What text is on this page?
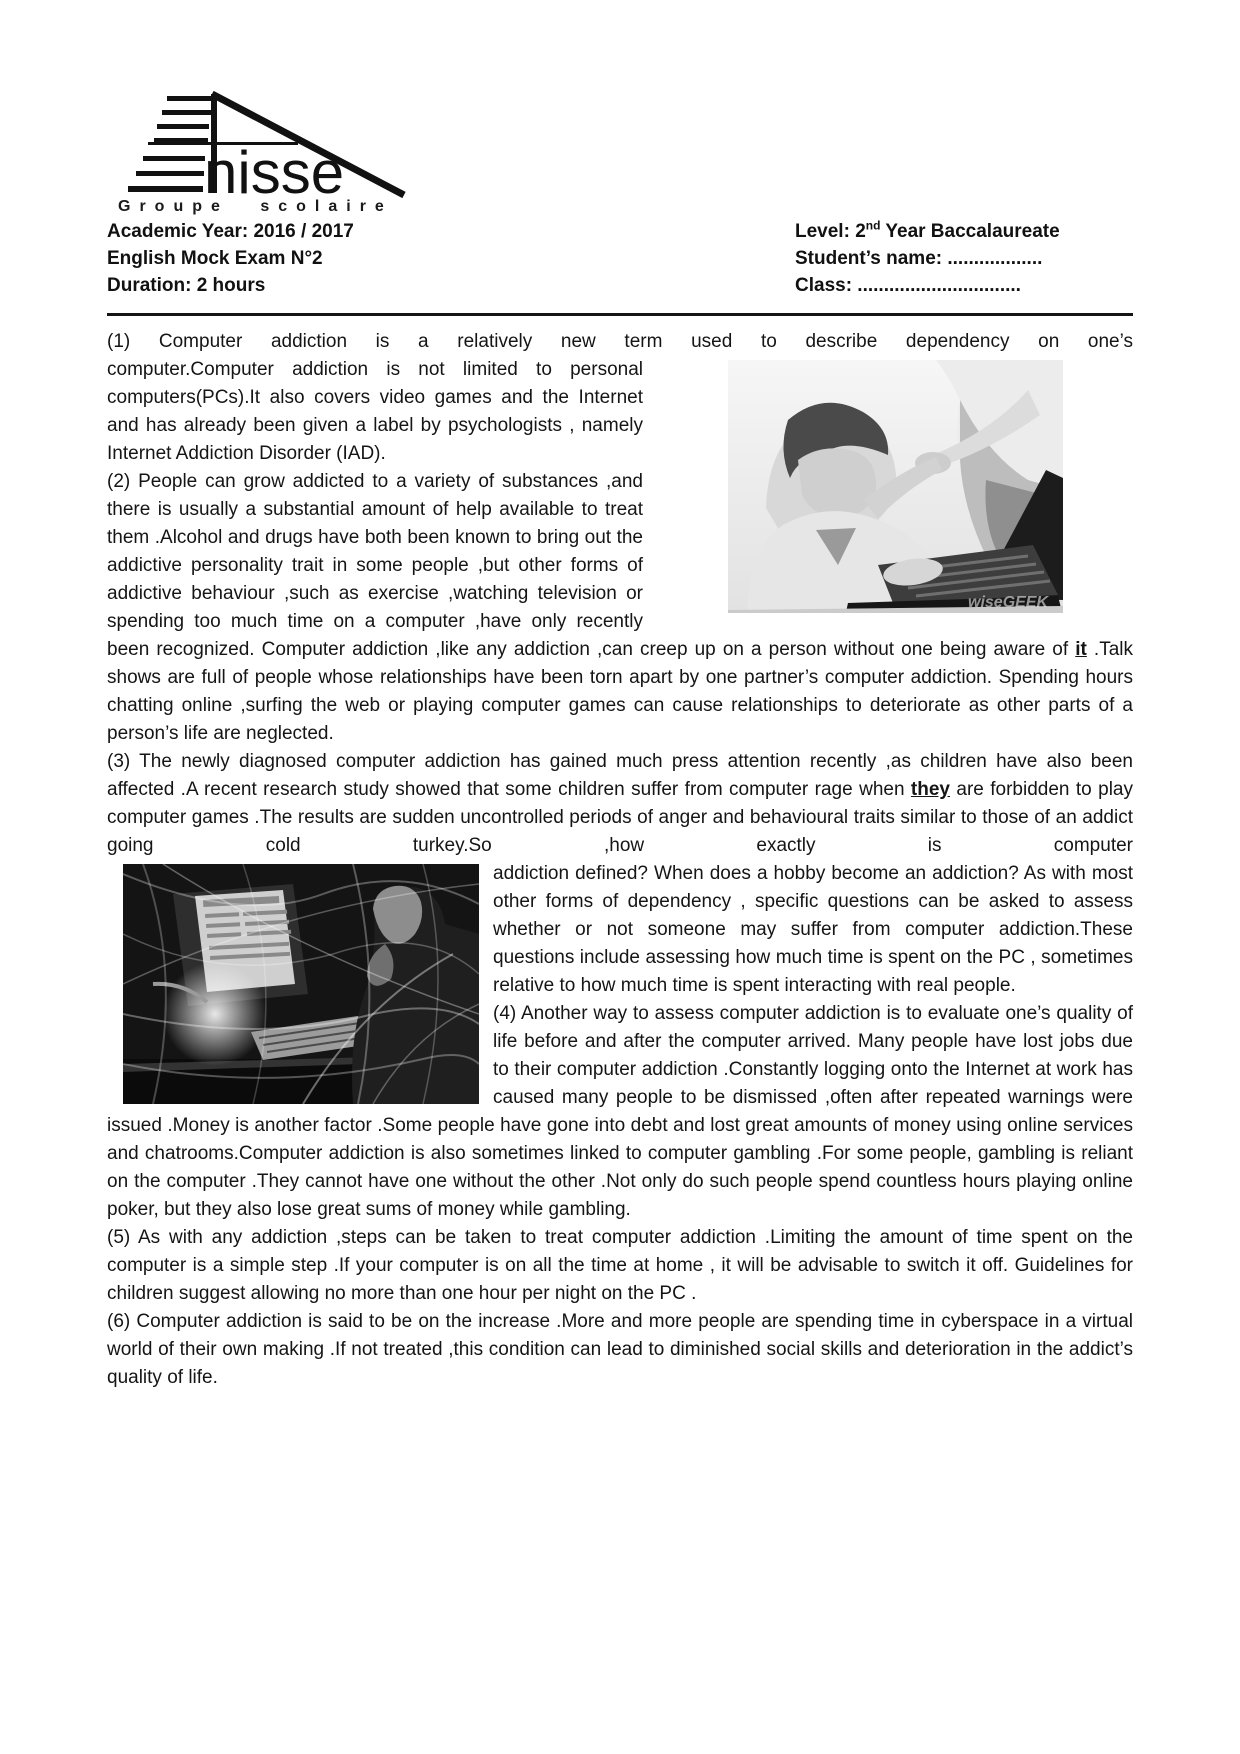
nisse
Groupe scolaire
Academic Year: 2016 / 2017
English Mock Exam N°2
Duration: 2 hours
Level: 2nd Year Baccalaureate
Student’s name: ..................
Class: ...............................

(1) Computer addiction is a relatively new term used to describe dependency on one’s

wiseGEEK

computer.Computer addiction is not limited to personal computers(PCs).It also covers video games and the Internet and has already been given a label by psychologists , namely Internet Addiction Disorder (IAD).

(2) People can grow addicted to a variety of substances ,and there is usually a substantial amount of help available to treat them .Alcohol and drugs have both been known to bring out the addictive personality trait in some people ,but other forms of addictive behaviour ,such as exercise ,watching television or spending too much time on a computer ,have only recently been recognized. Computer addiction ,like any addiction ,can creep up on a person without one being aware of it .Talk shows are full of people whose relationships have been torn apart by one partner’s computer addiction. Spending hours chatting online ,surfing the web or playing computer games can cause relationships to deteriorate as other parts of a person’s life are neglected.

(3) The newly diagnosed computer addiction has gained much press attention recently ,as children have also been affected .A recent research study showed that some children suffer from computer rage when they are forbidden to play computer games .The results are sudden uncontrolled periods of anger and behavioural traits similar to those of an addict going cold turkey.So ,how exactly is computer

addiction defined? When does a hobby become an addiction? As with most other forms of dependency , specific questions can be asked to assess whether or not someone may suffer from computer addiction.These questions include assessing how much time is spent on the PC , sometimes relative to how much time is spent interacting with real people.

(4) Another way to assess computer addiction is to evaluate one’s quality of life before and after the computer arrived. Many people have lost jobs due to their computer addiction .Constantly logging onto the Internet at work has caused many people to be dismissed ,often after repeated warnings were issued .Money is another factor .Some people have gone into debt and lost great amounts of money using online services and chatrooms.Computer addiction is also sometimes linked to computer gambling .For some people, gambling is reliant on the computer .They cannot have one without the other .Not only do such people spend countless hours playing online poker, but they also lose great sums of money while gambling.

(5) As with any addiction ,steps can be taken to treat computer addiction .Limiting the amount of time spent on the computer is a simple step .If your computer is on all the time at home , it will be advisable to switch it off. Guidelines for children suggest allowing no more than one hour per night on the PC .

(6) Computer addiction is said to be on the increase .More and more people are spending time in cyberspace in a virtual world of their own making .If not treated ,this condition can lead to diminished social skills and deterioration in the addict’s quality of life.
